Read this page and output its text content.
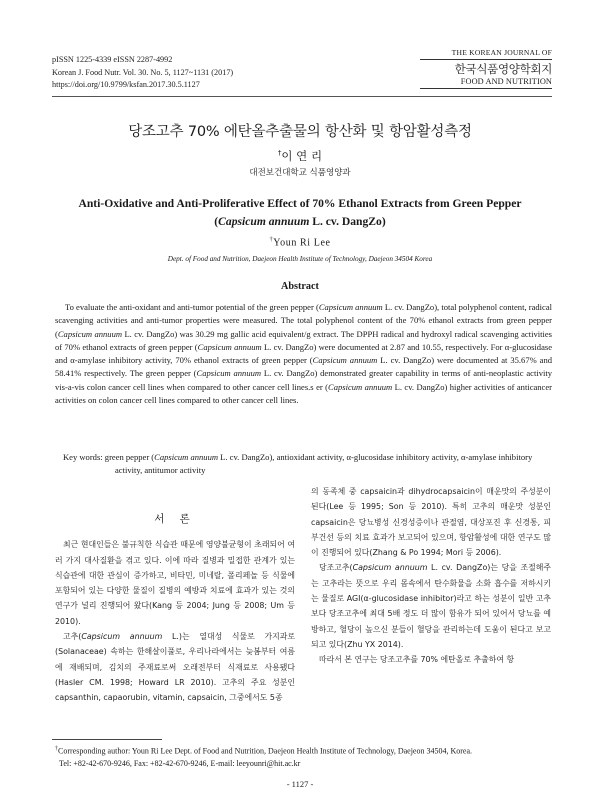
pISSN 1225-4339 eISSN 2287-4992
Korean J. Food Nutr. Vol. 30. No. 5, 1127~1131 (2017)
https://doi.org/10.9799/ksfan.2017.30.5.1127
THE KOREAN JOURNAL OF
한국식품영양학회지
FOOD AND NUTRITION
당조고추 70% 에탄올추출물의 항산화 및 항암활성측정
†이 연 리
대전보건대학교 식품영양과
Anti-Oxidative and Anti-Proliferative Effect of 70% Ethanol Extracts from Green Pepper
(Capsicum annuum L. cv. DangZo)
†Youn Ri Lee
Dept. of Food and Nutrition, Daejeon Health Institute of Technology, Daejeon 34504 Korea
Abstract
To evaluate the anti-oxidant and anti-tumor potential of the green pepper (Capsicum annuum L. cv. DangZo), total polyphenol content, radical scavenging activities and anti-tumor properties were measured. The total polyphenol content of the 70% ethanol extracts from green pepper (Capsicum annuum L. cv. DangZo) was 30.29 mg gallic acid equivalent/g extract. The DPPH radical and hydroxyl radical scavenging activities of 70% ethanol extracts of green pepper (Capsicum annuum L. cv. DangZo) were documented at 2.87 and 10.55, respectively. For α-glucosidase and α-amylase inhibitory activity, 70% ethanol extracts of green pepper (Capsicum annuum L. cv. DangZo) were documented at 35.67% and 58.41% respectively. The green pepper (Capsicum annuum L. cv. DangZo) demonstrated greater capability in terms of anti-neoplastic activity vis-a-vis colon cancer cell lines when compared to other cancer cell lines.s er (Capsicum annuum L. cv. DangZo) higher activities of anticancer activities on colon cancer cell lines compared to other cancer cell lines.
Key words: green pepper (Capsicum annuum L. cv. DangZo), antioxidant activity, α-glucosidase inhibitory activity, α-amylase inhibitory activity, antitumor activity
서 론

최근 현대인들은 불규칙한 식습관 때문에 영양불균형이 초래되어 여러 가지 대사질환을 겪고 있다. 이에 따라 질병과 밀접한 관계가 있는 식습관에 대한 관심이 증가하고, 비타민, 미네랄, 폴리페놀 등 식물에 포함되어 있는 다양한 물질이 질병의 예방과 치료에 효과가 있는 것의 연구가 널리 진행되어 왔다(Kang 등 2004; Jung 등 2008; Um 등 2010).

고추(Capsicum annuum L.)는 열대성 식물로 가지과로(Solanaceae) 속하는 한해살이풀로, 우리나라에서는 늦봄부터 여름에 재배되며, 김치의 주재료로써 오래전부터 식재료로 사용됐다(Hasler CM. 1998; Howard LR 2010). 고추의 주요 성분인 capsanthin, capaorubin, vitamin, capsaicin, 그중에서도 5종

의 동족체 중 capsaicin과 dihydrocapsaicin이 매운맛의 주성분이 된다(Lee 등 1995; Son 등 2010). 특히 고추의 매운맛 성분인 capsaicin은 당뇨병성 신경성증이나 관절염, 대상포진 후 신경통, 피부건선 등의 치료 효과가 보고되어 있으며, 항암활성에 대한 연구도 많이 진행되어 있다(Zhang & Po 1994; Mori 등 2006).

당조고추(Capsicum annuum L. cv. DangZo)는 당을 조절해주는 고추라는 뜻으로 우리 몸속에서 탄수화물을 소화 흡수를 저하시키는 물질로 AGI(α-glucosidase inhibitor)라고 하는 성분이 일반 고추보다 당조고추에 최대 5배 정도 더 많이 함유가 되어 있어서 당뇨를 예방하고, 혈당이 높으신 분들이 혈당을 관리하는데 도움이 된다고 보고되고 있다(Zhu YX 2014).

따라서 본 연구는 당조고추를 70% 에탄올로 추출하여 항

†Corresponding author: Youn Ri Lee Dept. of Food and Nutrition, Daejeon Health Institute of Technology, Daejeon 34504, Korea.
Tel: +82-42-670-9246, Fax: +82-42-670-9246, E-mail: leeyounri@hit.ac.kr
- 1127 -
